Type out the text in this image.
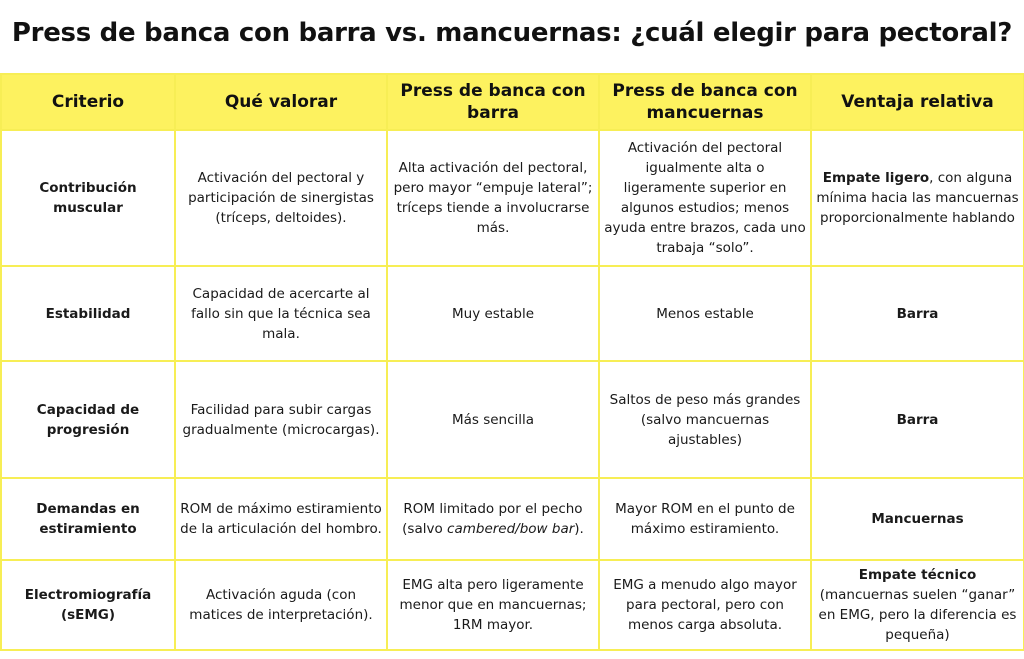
Press de banca con barra vs. mancuernas: ¿cuál elegir para pectoral?
Criterio	Qué valorar	Press de banca con barra	Press de banca con mancuernas	Ventaja relativa
Contribución muscular	Activación del pectoral y participación de sinergistas (tríceps, deltoides).	Alta activación del pectoral, pero mayor “empuje lateral”; tríceps tiende a involucrarse más.	Activación del pectoral igualmente alta o ligeramente superior en algunos estudios; menos ayuda entre brazos, cada uno trabaja “solo”.	Empate ligero, con alguna mínima hacia las mancuernas proporcionalmente hablando
Estabilidad	Capacidad de acercarte al fallo sin que la técnica sea mala.	Muy estable	Menos estable	Barra
Capacidad de progresión	Facilidad para subir cargas gradualmente (microcargas).	Más sencilla	Saltos de peso más grandes (salvo mancuernas ajustables)	Barra
Demandas en estiramiento	ROM de máximo estiramiento de la articulación del hombro.	ROM limitado por el pecho (salvo cambered/bow bar).	Mayor ROM en el punto de máximo estiramiento.	Mancuernas
Electromiografía (sEMG)	Activación aguda (con matices de interpretación).	EMG alta pero ligeramente menor que en mancuernas; 1RM mayor.	EMG a menudo algo mayor para pectoral, pero con menos carga absoluta.	Empate técnico
(mancuernas suelen “ganar” en EMG, pero la diferencia es pequeña)
